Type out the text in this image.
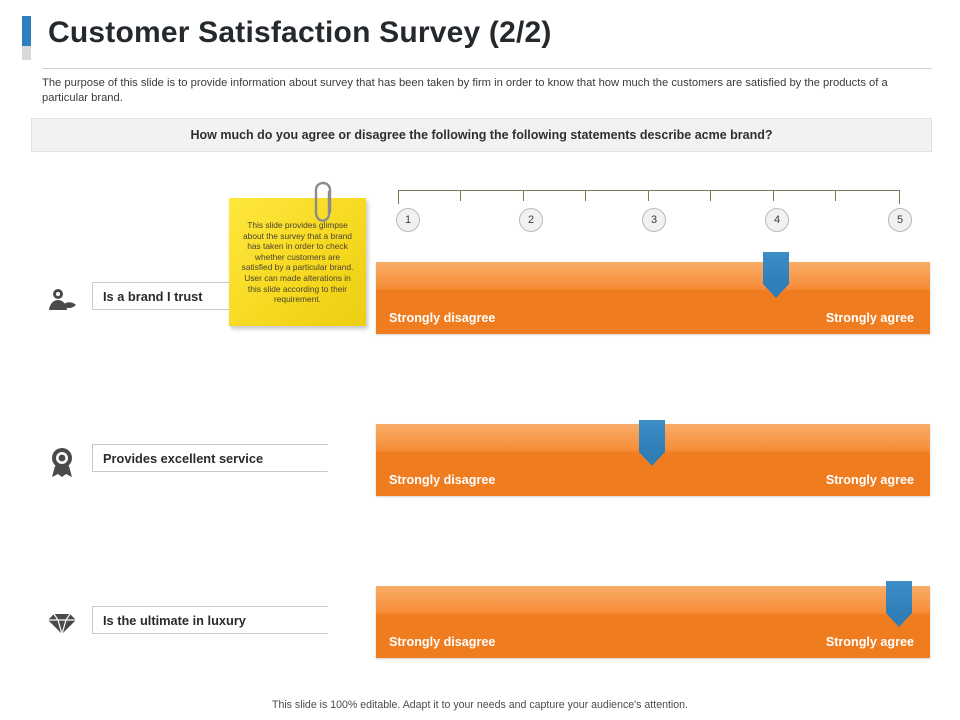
Customer Satisfaction Survey (2/2)
The purpose of this slide is to provide information about survey that has been taken by firm in order to know that how much the customers are satisfied by the products of a particular brand.
How much do you agree or disagree the following the following statements describe acme brand?
1	2	3	4	5
Is a brand I trust
Strongly disagree	Strongly agree
Provides excellent service
Strongly disagree	Strongly agree
Is the ultimate in luxury
Strongly disagree	Strongly agree
This slide provides glimpse about the survey that a brand has taken in order to check whether customers are satisfied by a particular brand. User can made alterations in this slide according to their requirement.
This slide is 100% editable. Adapt it to your needs and capture your audience's attention.
